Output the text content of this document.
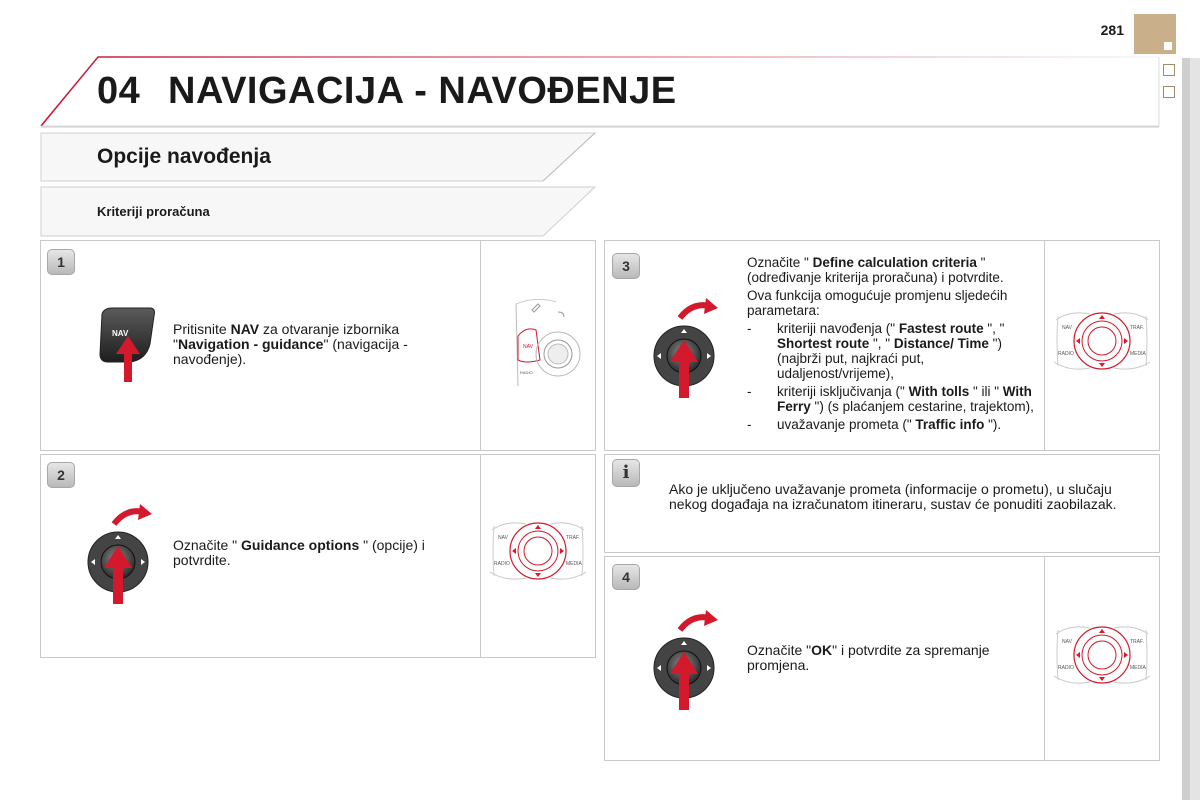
281
04 NAVIGACIJA - NAVOĐENJE
Opcije navođenja
Kriteriji proračuna
1
NAV	Pritisnite NAV za otvaranje izbornika "Navigation - guidance" (navigacija - navođenje).
NAV
RADIO
2
Označite " Guidance options " (opcije) i potvrdite.
NAV	TRAF.
RADIO	MEDIA
3	Označite " Define calculation criteria " (određivanje kriterija proračuna) i potvrdite.

Ova funkcija omogućuje promjenu sljedećih parametara:

- kriteriji navođenja (" Fastest route ", " Shortest route ", " Distance/ Time ") (najbrži put, najkraći put, udaljenost/vrijeme),
- kriteriji isključivanja (" With tolls " ili " With Ferry ") (s plaćanjem cestarine, trajektom),
- uvažavanje prometa (" Traffic info ").
NAV	TRAF.
RADIO	MEDIA
i
Ako je uključeno uvažavanje prometa (informacije o prometu), u slučaju nekog događaja na izračunatom itineraru, sustav će ponuditi zaobilazak.
4
Označite "OK" i potvrdite za spremanje promjena.
NAV	TRAF.
RADIO	MEDIA
